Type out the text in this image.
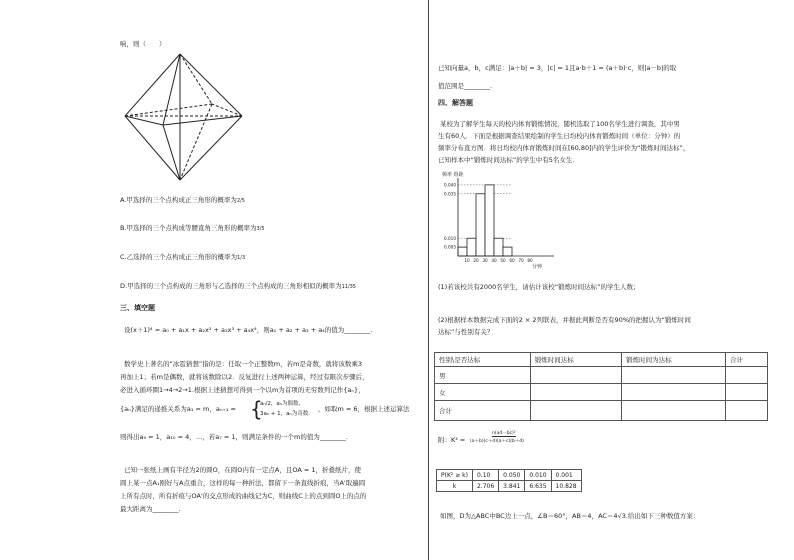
响，则（　　）
A.甲选择的三个点构成正三角形的概率为2/5
B.甲选择的三个点构成等腰直角三角形的概率为3/5
C.乙选择的三个点构成正三角形的概率为1/3
D.甲选择的三个点构成的三角形与乙选择的三个点构成的三角形相似的概率为11/35
三、填空题
设(x＋1)⁴ = a₀ + a₁x + a₂x² + a₃x³ + a₄x⁴，则a₁ + a₂ + a₃ + a₄的值为________.
数学史上著名的“冰雹猜想”指的是：任取一个正整数m，若m是奇数，就将该数乘3
再加上1；若m是偶数，就将该数除以2．反复进行上述两种运算，经过有限次步骤后，
必进入循环圈1→4→2→1.根据上述猜想可得到一个以m为首项的无穷数列记作{aₙ}，
{aₙ}满足的递推关系为a₁ = m，aₙ₊₁ = {
aₙ/2，aₙ为偶数,
3aₙ + 1，aₙ为奇数.
，如取m = 6，根据上述运算法
则得出a₉ = 1，a₁₀ = 4，…，若a₇ = 1，则满足条件的一个m的值为________.
已知一张纸上画有半径为2的圆O，在圆O内有一定点A，且OA = 1，折叠纸片，使
圆上某一点A₁刚好与A点重合，这样的每一种折法，都留下一条直线折痕，当A'取遍圆
上所有点时，所有折痕与OA'的交点形成的曲线记为C，则曲线C上的点到圆O上的点的
最大距离为________.
已知向量a，b，c满足：|a＋b| = 3，|c| = 1且a·b＋1 = (a＋b)·c，则|a－b|的取
值范围是________.
四、解答题
某校为了解学生每天的校内体育锻炼情况，随机选取了100名学生进行调查，其中男
生有60人．下面是根据调查结果绘制的学生日均校内体育锻炼时间（单位：分钟）的
频率分布直方图．将日均校内体育锻炼时间在[60,80]内的学生评价为“锻炼时间达标”，
已知样本中“锻炼时间达标”的学生中有5名女生．
频率 组距
0.040
0.035
0.010
0.005
10 20 30 40 50 60 70 80
分钟
(1)若该校共有2000名学生，请估计该校“锻炼时间达标”的学生人数；
(2)根据样本数据完成下面的2 × 2列联表，并据此判断是否有90%的把握认为“锻炼时间
达标”与性别有关？
性别\是否达标	锻炼时间达标	锻炼时间为达标	合计
男			
女			
合计			
附：K² =
n(ad－bc)²
(a＋b)(c＋d)(a＋c)(b＋d)
P(K² ≥ k)	0.10	0.050	0.010	0.001
k	2.706	3.841	6.635	10.828
如图，D为△ABC中BC边上一点，∠B＝60°，AB＝4，AC＝4√3.给出如下三种数值方案：
